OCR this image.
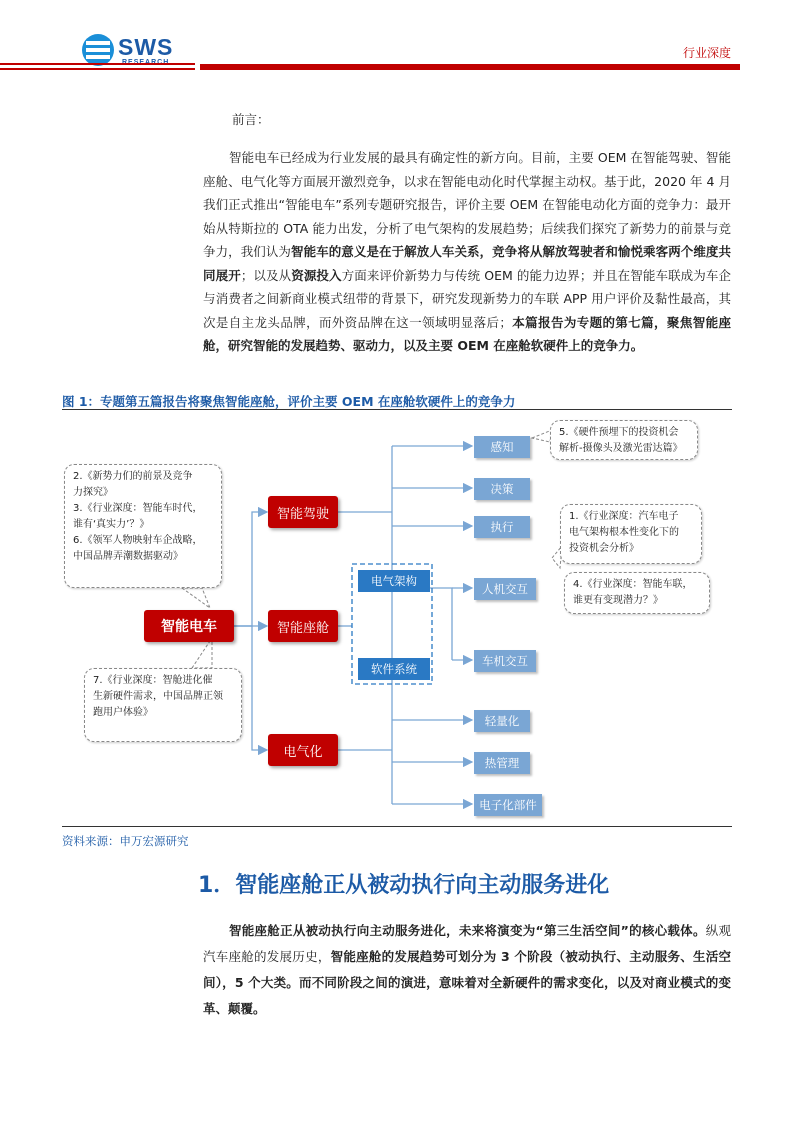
SWS	行业深度
前言：
智能电车已经成为行业发展的最具有确定性的新方向。目前，主要 OEM 在智能驾驶、智能座舱、电气化等方面展开激烈竞争，以求在智能电动化时代掌握主动权。基于此，2020 年 4 月我们正式推出“智能电车”系列专题研究报告，评价主要 OEM 在智能电动化方面的竞争力：最开始从特斯拉的 OTA 能力出发，分析了电气架构的发展趋势；后续我们探究了新势力的前景与竞争力，我们认为智能车的意义是在于解放人车关系，竞争将从解放驾驶者和愉悦乘客两个维度共同展开；以及从资源投入方面来评价新势力与传统 OEM 的能力边界；并且在智能车联成为车企与消费者之间新商业模式纽带的背景下，研究发现新势力的车联 APP 用户评价及黏性最高，其次是自主龙头品牌，而外资品牌在这一领域明显落后；本篇报告为专题的第七篇，聚焦智能座舱，研究智能的发展趋势、驱动力，以及主要 OEM 在座舱软硬件上的竞争力。
图 1：专题第五篇报告将聚焦智能座舱，评价主要 OEM 在座舱软硬件上的竞争力
2.《新势力们的前景及竞争
力探究》
3.《行业深度：智能车时代，
谁有‘真实力’？》
6.《领军人物映射车企战略，
中国品牌弄潮数据驱动》
7.《行业深度：智舱进化催
生新硬件需求，中国品牌正领
跑用户体验》
5.《硬件预埋下的投资机会
解析-摄像头及激光雷达篇》
1.《行业深度：汽车电子
电气架构根本性变化下的
投资机会分析》
4.《行业深度：智能车联，
谁更有变现潜力？》
智能电车
智能驾驶
智能座舱
电气化
电气架构
软件系统
感知
决策
执行
人机交互
车机交互
轻量化
热管理
电子化部件
资料来源：申万宏源研究
1．智能座舱正从被动执行向主动服务进化
智能座舱正从被动执行向主动服务进化，未来将演变为“第三生活空间”的核心载体。纵观汽车座舱的发展历史，智能座舱的发展趋势可划分为 3 个阶段（被动执行、主动服务、生活空间），5 个大类。而不同阶段之间的演进，意味着对全新硬件的需求变化，以及对商业模式的变革、颠覆。
